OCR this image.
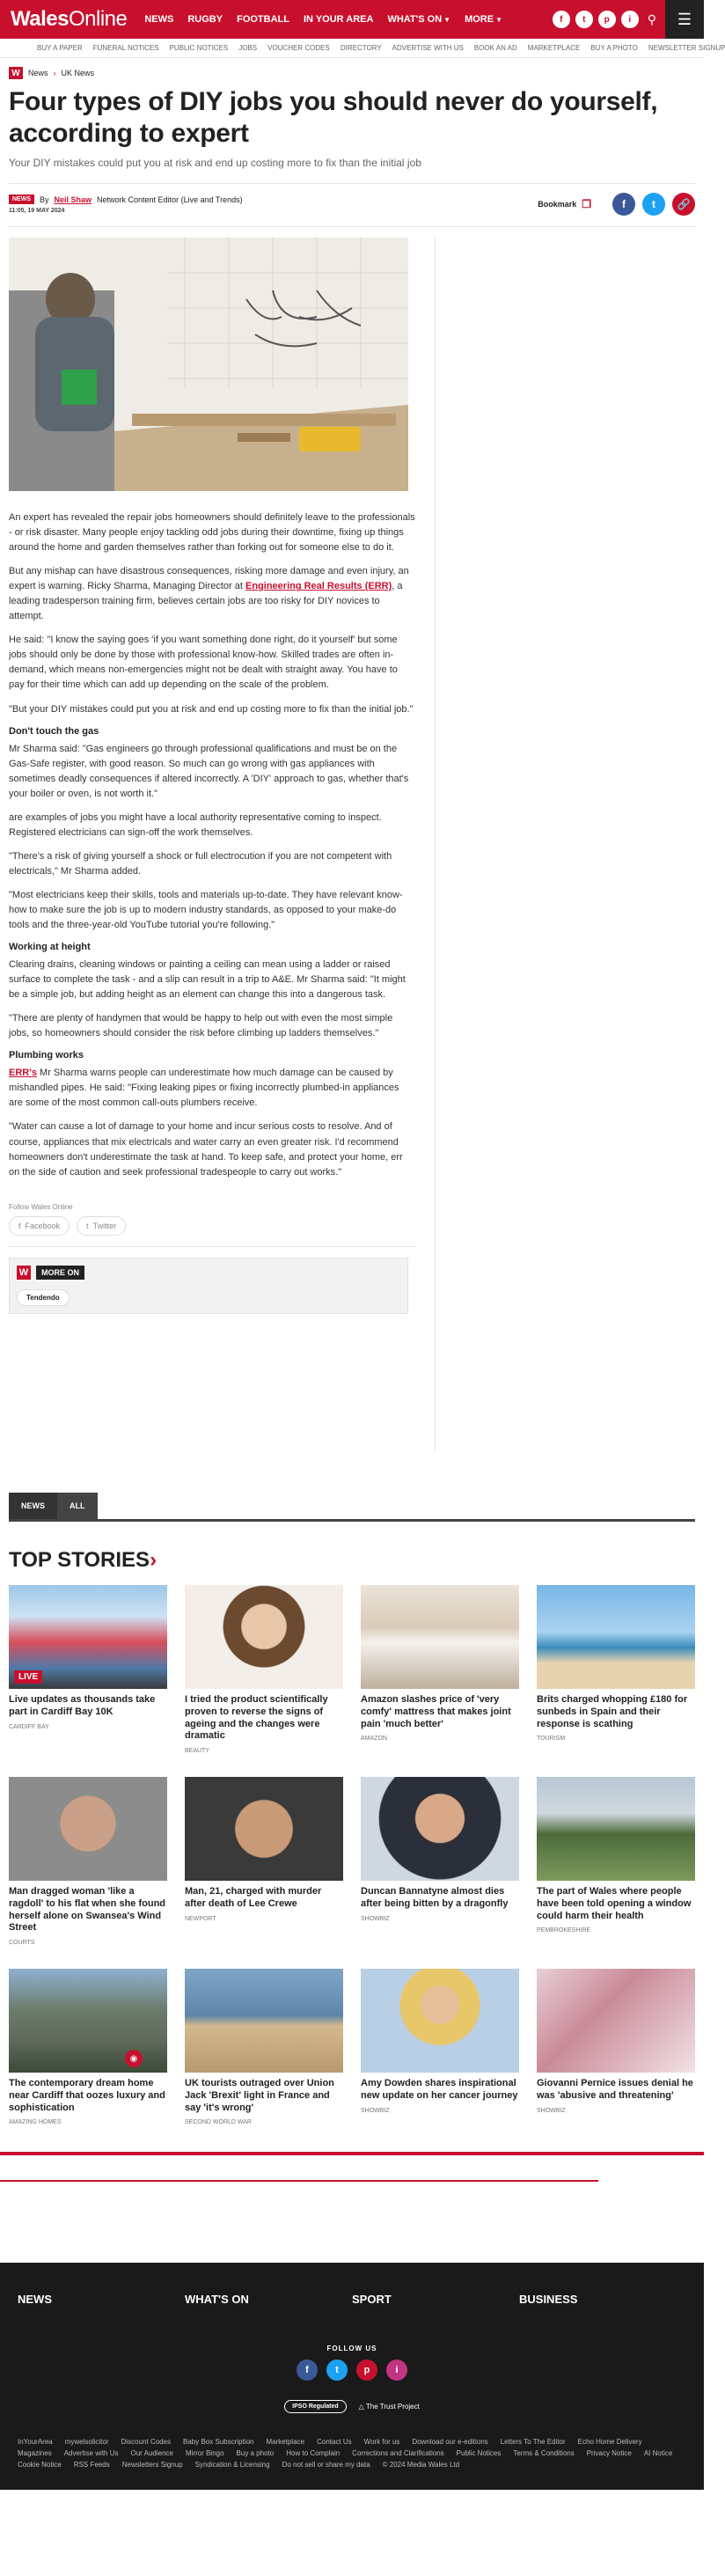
WalesOnline NEWS RUGBY FOOTBALL IN YOUR AREA WHAT'S ON ▼ MORE ▼	f	t	p	i	⚲	☰
BUY A PAPER FUNERAL NOTICES PUBLIC NOTICES JOBS VOUCHER CODES DIRECTORY ADVERTISE WITH US BOOK AN AD MARKETPLACE BUY A PHOTO NEWSLETTER SIGNUP
W	News › UK News
Four types of DIY jobs you should never do yourself, according to expert
Your DIY mistakes could put you at risk and end up costing more to fix than the initial job
NEWS	By Neil Shaw Network Content Editor (Live and Trends)
11:05, 19 MAY 2024
Bookmark ❐	f	t	🔗

An expert has revealed the repair jobs homeowners should definitely leave to the professionals - or risk disaster. Many people enjoy tackling odd jobs during their downtime, fixing up things around the home and garden themselves rather than forking out for someone else to do it.

But any mishap can have disastrous consequences, risking more damage and even injury, an expert is warning. Ricky Sharma, Managing Director at Engineering Real Results (ERR), a leading tradesperson training firm, believes certain jobs are too risky for DIY novices to attempt.

He said: "I know the saying goes 'if you want something done right, do it yourself' but some jobs should only be done by those with professional know-how. Skilled trades are often in-demand, which means non-emergencies might not be dealt with straight away. You have to pay for their time which can add up depending on the scale of the problem.

"But your DIY mistakes could put you at risk and end up costing more to fix than the initial job."

Don't touch the gas

Mr Sharma said: "Gas engineers go through professional qualifications and must be on the Gas-Safe register, with good reason. So much can go wrong with gas appliances with sometimes deadly consequences if altered incorrectly. A 'DIY' approach to gas, whether that's your boiler or oven, is not worth it."

are examples of jobs you might have a local authority representative coming to inspect. Registered electricians can sign-off the work themselves.

"There's a risk of giving yourself a shock or full electrocution if you are not competent with electricals," Mr Sharma added.

"Most electricians keep their skills, tools and materials up-to-date. They have relevant know-how to make sure the job is up to modern industry standards, as opposed to your make-do tools and the three-year-old YouTube tutorial you're following."

Working at height

Clearing drains, cleaning windows or painting a ceiling can mean using a ladder or raised surface to complete the task - and a slip can result in a trip to A&E. Mr Sharma said: "It might be a simple job, but adding height as an element can change this into a dangerous task.

"There are plenty of handymen that would be happy to help out with even the most simple jobs, so homeowners should consider the risk before climbing up ladders themselves."

Plumbing works

ERR's Mr Sharma warns people can underestimate how much damage can be caused by mishandled pipes. He said: "Fixing leaking pipes or fixing incorrectly plumbed-in appliances are some of the most common call-outs plumbers receive.

"Water can cause a lot of damage to your home and incur serious costs to resolve. And of course, appliances that mix electricals and water carry an even greater risk. I'd recommend homeowners don't underestimate the task at hand. To keep safe, and protect your home, err on the side of caution and seek professional tradespeople to carry out works."

Follow Wales Online
f Facebook	t Twitter
W	MORE ON
Tendendo
NEWS	ALL
TOP STORIES›
LIVE
Live updates as thousands take part in Cardiff Bay 10K
CARDIFF BAY
I tried the product scientifically proven to reverse the signs of ageing and the changes were dramatic
BEAUTY
Amazon slashes price of 'very comfy' mattress that makes joint pain 'much better'
AMAZON
Brits charged whopping £180 for sunbeds in Spain and their response is scathing
TOURISM
Man dragged woman 'like a ragdoll' to his flat when she found herself alone on Swansea's Wind Street
COURTS
Man, 21, charged with murder after death of Lee Crewe
NEWPORT
Duncan Bannatyne almost dies after being bitten by a dragonfly
SHOWBIZ
The part of Wales where people have been told opening a window could harm their health
PEMBROKESHIRE
◉
The contemporary dream home near Cardiff that oozes luxury and sophistication
AMAZING HOMES
UK tourists outraged over Union Jack 'Brexit' light in France and say 'it's wrong'
SECOND WORLD WAR
Amy Dowden shares inspirational new update on her cancer journey
SHOWBIZ
Giovanni Pernice issues denial he was 'abusive and threatening'
SHOWBIZ
NEWS	WHAT'S ON	SPORT	BUSINESS
FOLLOW US
f	t	p	i
IPSO Regulated	△ The Trust Project
InYourArea mywelsolicitor Discount Codes Baby Box Subscription Marketplace Contact Us Work for us Download our e-editions Letters To The Editor Echo Home Delivery
Magazines Advertise with Us Our Audience Mirror Bingo Buy a photo How to Complain Corrections and Clarifications Public Notices Terms & Conditions Privacy Notice AI Notice
Cookie Notice RSS Feeds Newsletters Signup Syndication & Licensing Do not sell or share my data © 2024 Media Wales Ltd
